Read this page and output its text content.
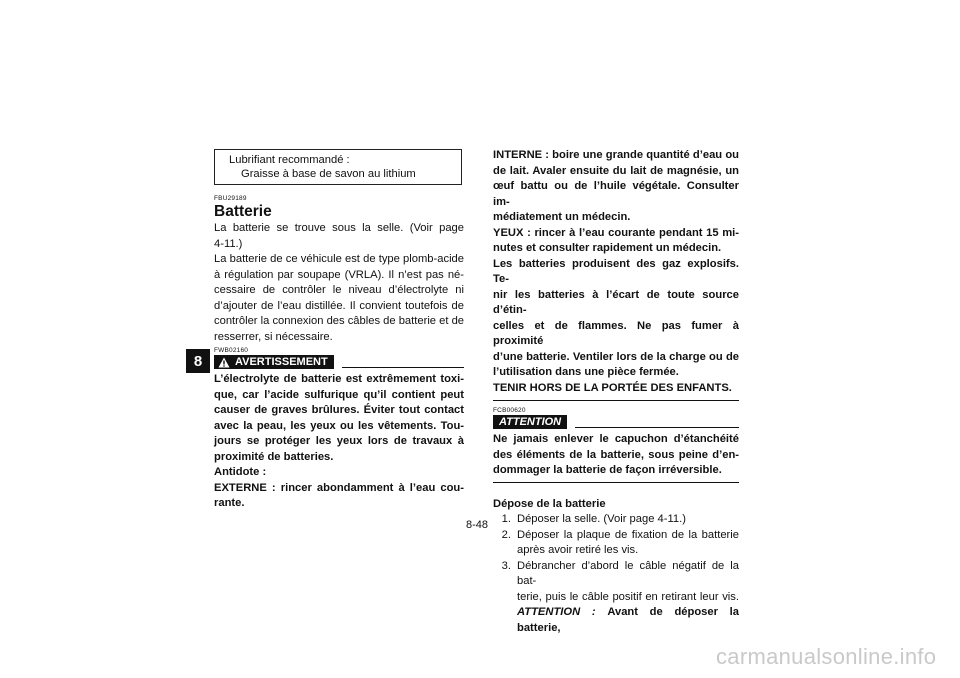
8
Lubrifiant recommandé :
Graisse à base de savon au lithium
FBU29189
Batterie

La batterie se trouve sous la selle. (Voir page

4-11.)

La batterie de ce véhicule est de type plomb-acide

à régulation par soupape (VRLA). Il n’est pas né-

cessaire de contrôler le niveau d’électrolyte ni

d’ajouter de l’eau distillée. Il convient toutefois de

contrôler la connexion des câbles de batterie et de

resserrer, si nécessaire.

FWB02160
AVERTISSEMENT

L’électrolyte de batterie est extrêmement toxi-

que, car l’acide sulfurique qu’il contient peut

causer de graves brûlures. Éviter tout contact

avec la peau, les yeux ou les vêtements. Tou-

jours se protéger les yeux lors de travaux à

proximité de batteries.

Antidote :

EXTERNE : rincer abondamment à l’eau cou-

rante.

INTERNE : boire une grande quantité d’eau ou

de lait. Avaler ensuite du lait de magnésie, un

œuf battu ou de l’huile végétale. Consulter im-

médiatement un médecin.

YEUX : rincer à l’eau courante pendant 15 mi-

nutes et consulter rapidement un médecin.

Les batteries produisent des gaz explosifs. Te-

nir les batteries à l’écart de toute source d’étin-

celles et de flammes. Ne pas fumer à proximité

d’une batterie. Ventiler lors de la charge ou de

l’utilisation dans une pièce fermée.

TENIR HORS DE LA PORTÉE DES ENFANTS.

FCB00620
ATTENTION

Ne jamais enlever le capuchon d’étanchéité

des éléments de la batterie, sous peine d’en-

dommager la batterie de façon irréversible.

Dépose de la batterie
1. Déposer la selle. (Voir page 4-11.)
2. Déposer la plaque de fixation de la batterie
après avoir retiré les vis.
3. Débrancher d’abord le câble négatif de la bat-
terie, puis le câble positif en retirant leur vis.
ATTENTION : Avant de déposer la batterie,
8-48
carmanualsonline.info
